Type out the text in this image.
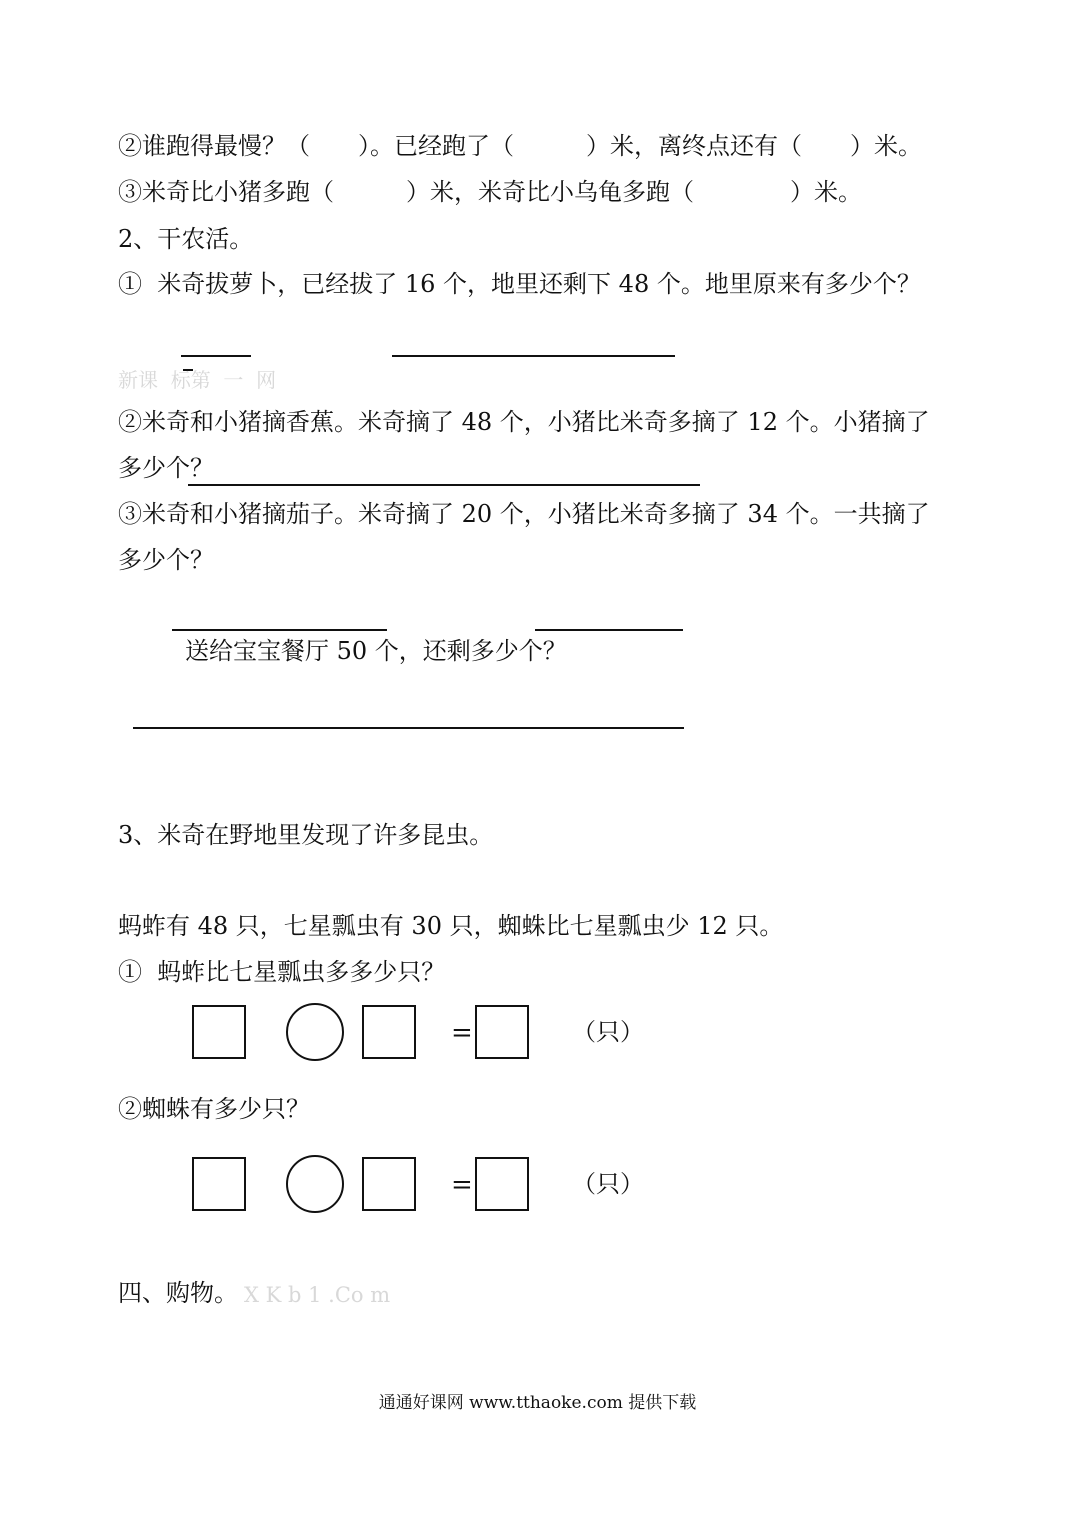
②谁跑得最慢？（　　）。已经跑了（　　　）米，离终点还有（　　）米。
③米奇比小猪多跑（　　　）米，米奇比小乌龟多跑（　　　　）米。
2、干农活。
①  米奇拔萝卜，已经拔了 16 个，地里还剩下 48 个。地里原来有多少个？
新课  标第  一  网
②米奇和小猪摘香蕉。米奇摘了 48 个，小猪比米奇多摘了 12 个。小猪摘了
多少个？
③米奇和小猪摘茄子。米奇摘了 20 个，小猪比米奇多摘了 34 个。一共摘了
多少个？
送给宝宝餐厅 50 个，还剩多少个？
3、米奇在野地里发现了许多昆虫。
蚂蚱有 48 只，七星瓢虫有 30 只，蜘蛛比七星瓢虫少 12 只。
①  蚂蚱比七星瓢虫多多少只？
=	（只）
②蜘蛛有多少只？
=	（只）
四、购物。 X K b 1 .Co m
通通好课网 www.tthaoke.com 提供下载
